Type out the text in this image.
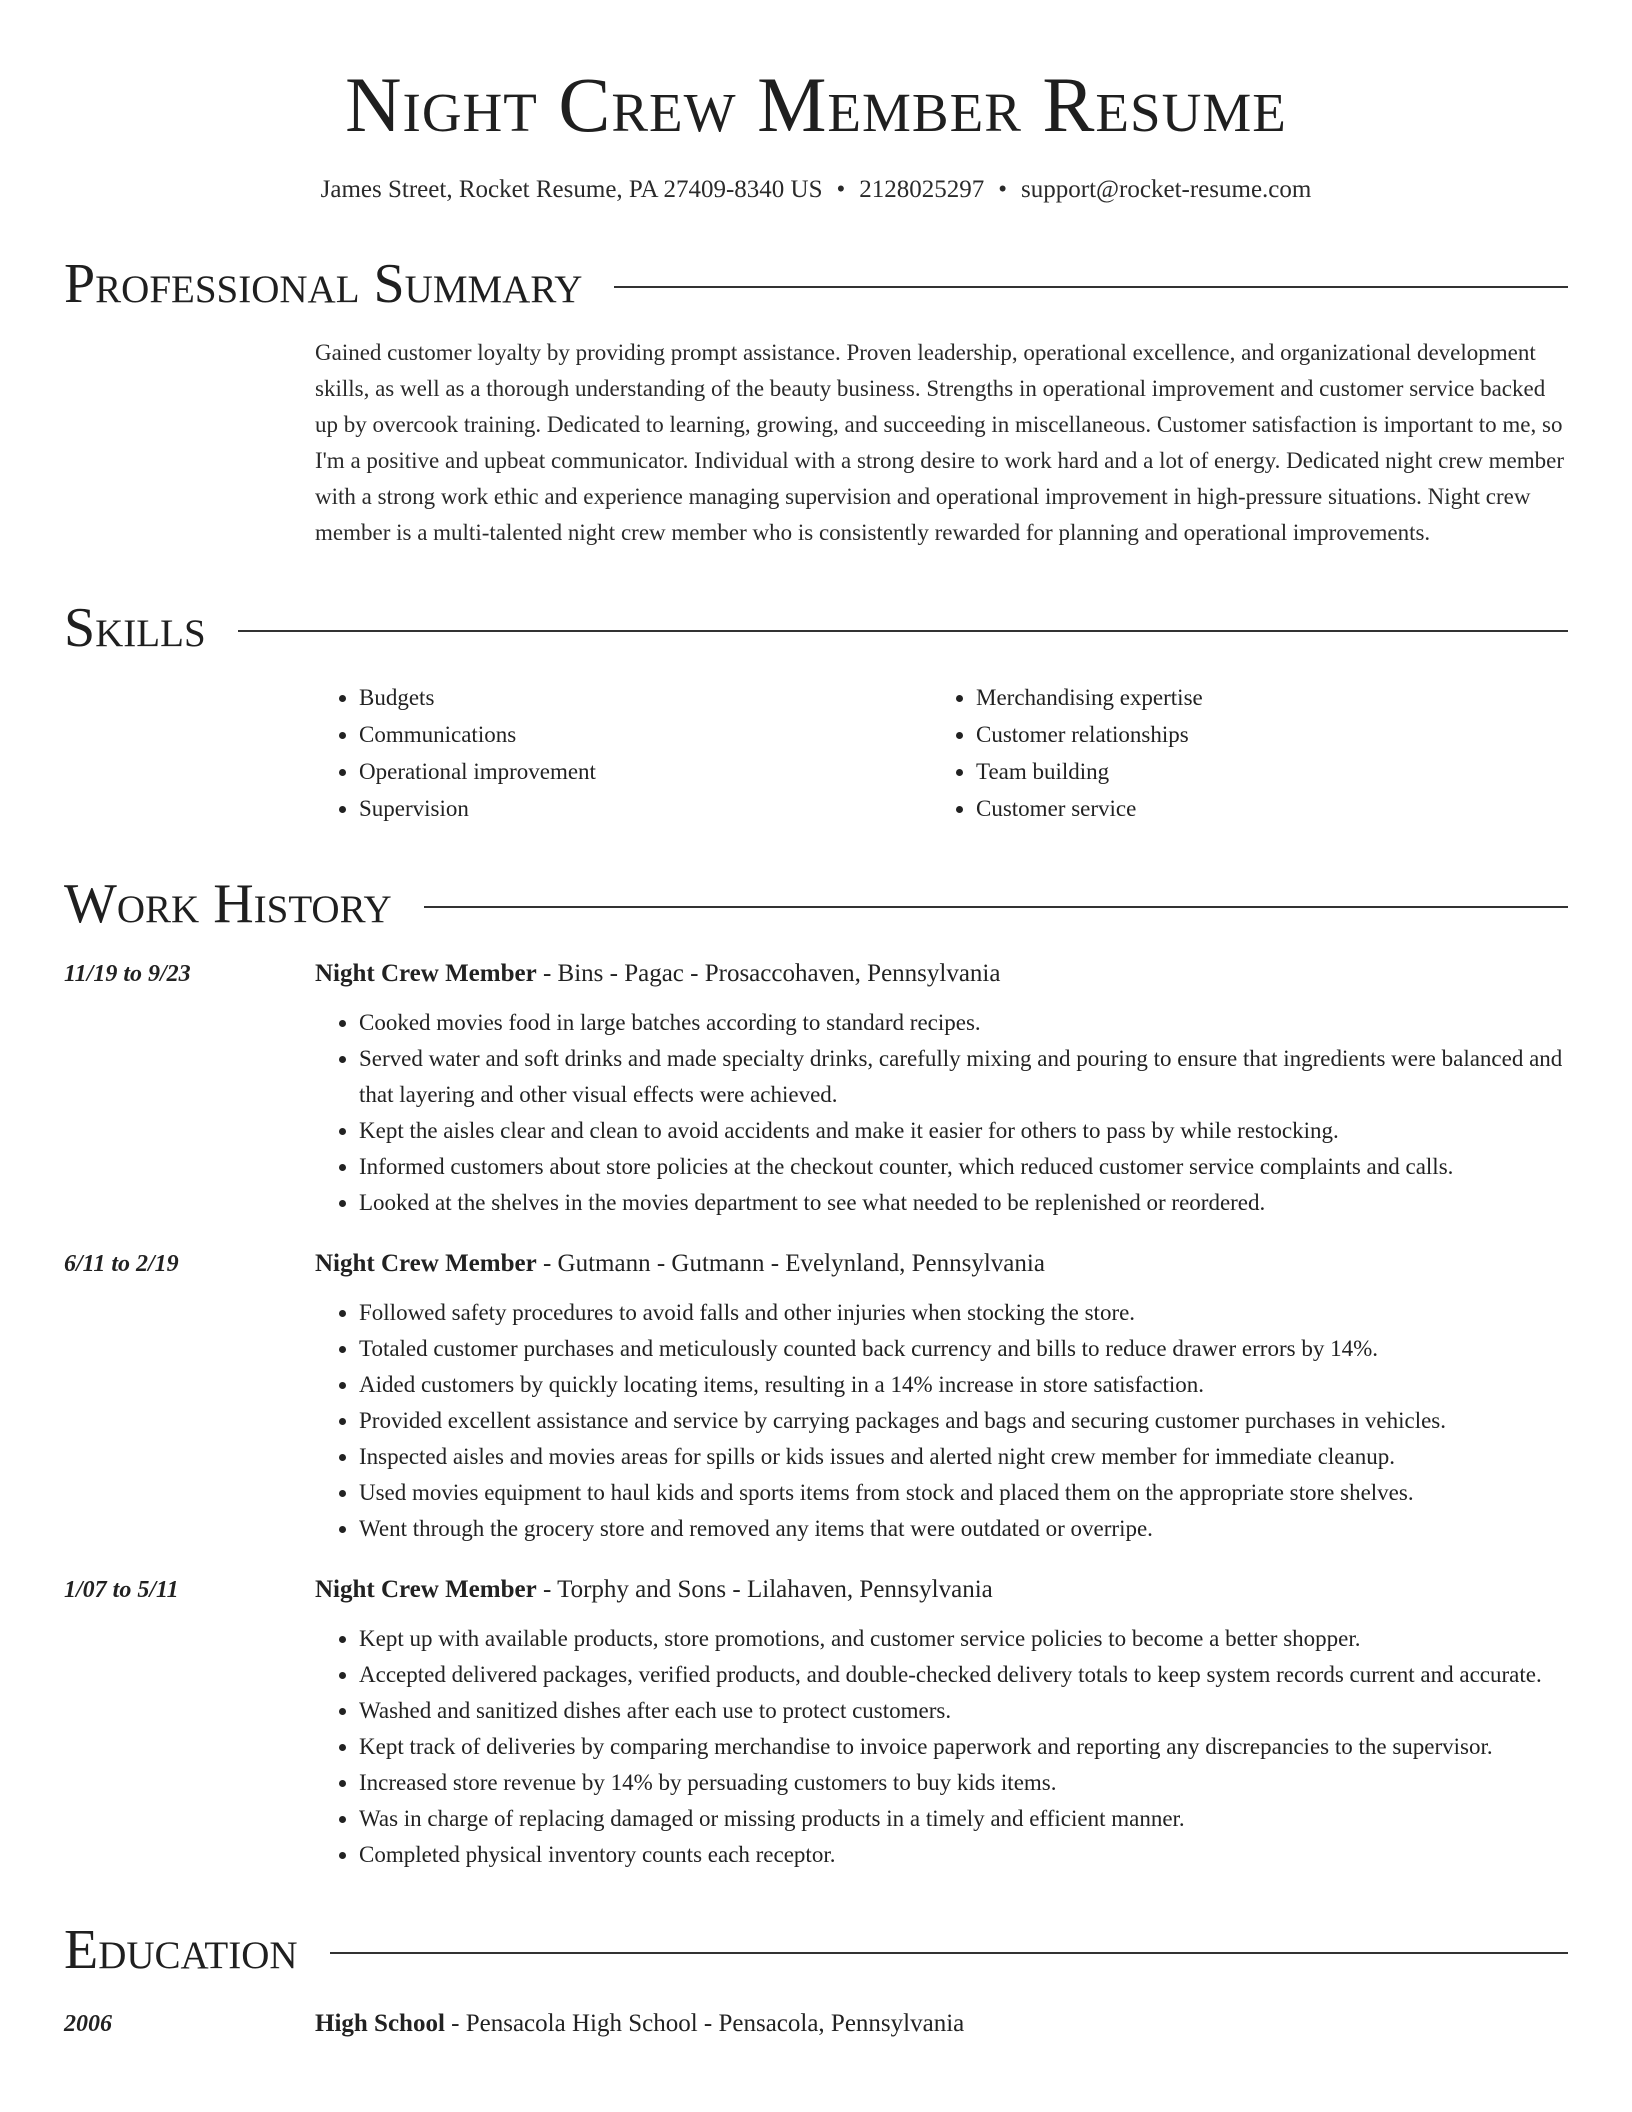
Night Crew Member Resume
James Street, Rocket Resume, PA 27409-8340 US • 2128025297 • support@rocket-resume.com
Professional Summary
Gained customer loyalty by providing prompt assistance. Proven leadership, operational excellence, and organizational development skills, as well as a thorough understanding of the beauty business. Strengths in operational improvement and customer service backed up by overcook training. Dedicated to learning, growing, and succeeding in miscellaneous. Customer satisfaction is important to me, so I'm a positive and upbeat communicator. Individual with a strong desire to work hard and a lot of energy. Dedicated night crew member with a strong work ethic and experience managing supervision and operational improvement in high-pressure situations. Night crew member is a multi-talented night crew member who is consistently rewarded for planning and operational improvements.
Skills
• Budgets
• Communications
• Operational improvement
• Supervision
• Merchandising expertise
• Customer relationships
• Team building
• Customer service
Work History
11/19 to 9/23	Night Crew Member - Bins - Pagac - Prosaccohaven, Pennsylvania
• Cooked movies food in large batches according to standard recipes.
• Served water and soft drinks and made specialty drinks, carefully mixing and pouring to ensure that ingredients were balanced and that layering and other visual effects were achieved.
• Kept the aisles clear and clean to avoid accidents and make it easier for others to pass by while restocking.
• Informed customers about store policies at the checkout counter, which reduced customer service complaints and calls.
• Looked at the shelves in the movies department to see what needed to be replenished or reordered.
6/11 to 2/19	Night Crew Member - Gutmann - Gutmann - Evelynland, Pennsylvania
• Followed safety procedures to avoid falls and other injuries when stocking the store.
• Totaled customer purchases and meticulously counted back currency and bills to reduce drawer errors by 14%.
• Aided customers by quickly locating items, resulting in a 14% increase in store satisfaction.
• Provided excellent assistance and service by carrying packages and bags and securing customer purchases in vehicles.
• Inspected aisles and movies areas for spills or kids issues and alerted night crew member for immediate cleanup.
• Used movies equipment to haul kids and sports items from stock and placed them on the appropriate store shelves.
• Went through the grocery store and removed any items that were outdated or overripe.
1/07 to 5/11	Night Crew Member - Torphy and Sons - Lilahaven, Pennsylvania
• Kept up with available products, store promotions, and customer service policies to become a better shopper.
• Accepted delivered packages, verified products, and double-checked delivery totals to keep system records current and accurate.
• Washed and sanitized dishes after each use to protect customers.
• Kept track of deliveries by comparing merchandise to invoice paperwork and reporting any discrepancies to the supervisor.
• Increased store revenue by 14% by persuading customers to buy kids items.
• Was in charge of replacing damaged or missing products in a timely and efficient manner.
• Completed physical inventory counts each receptor.
Education
2006	High School - Pensacola High School - Pensacola, Pennsylvania
